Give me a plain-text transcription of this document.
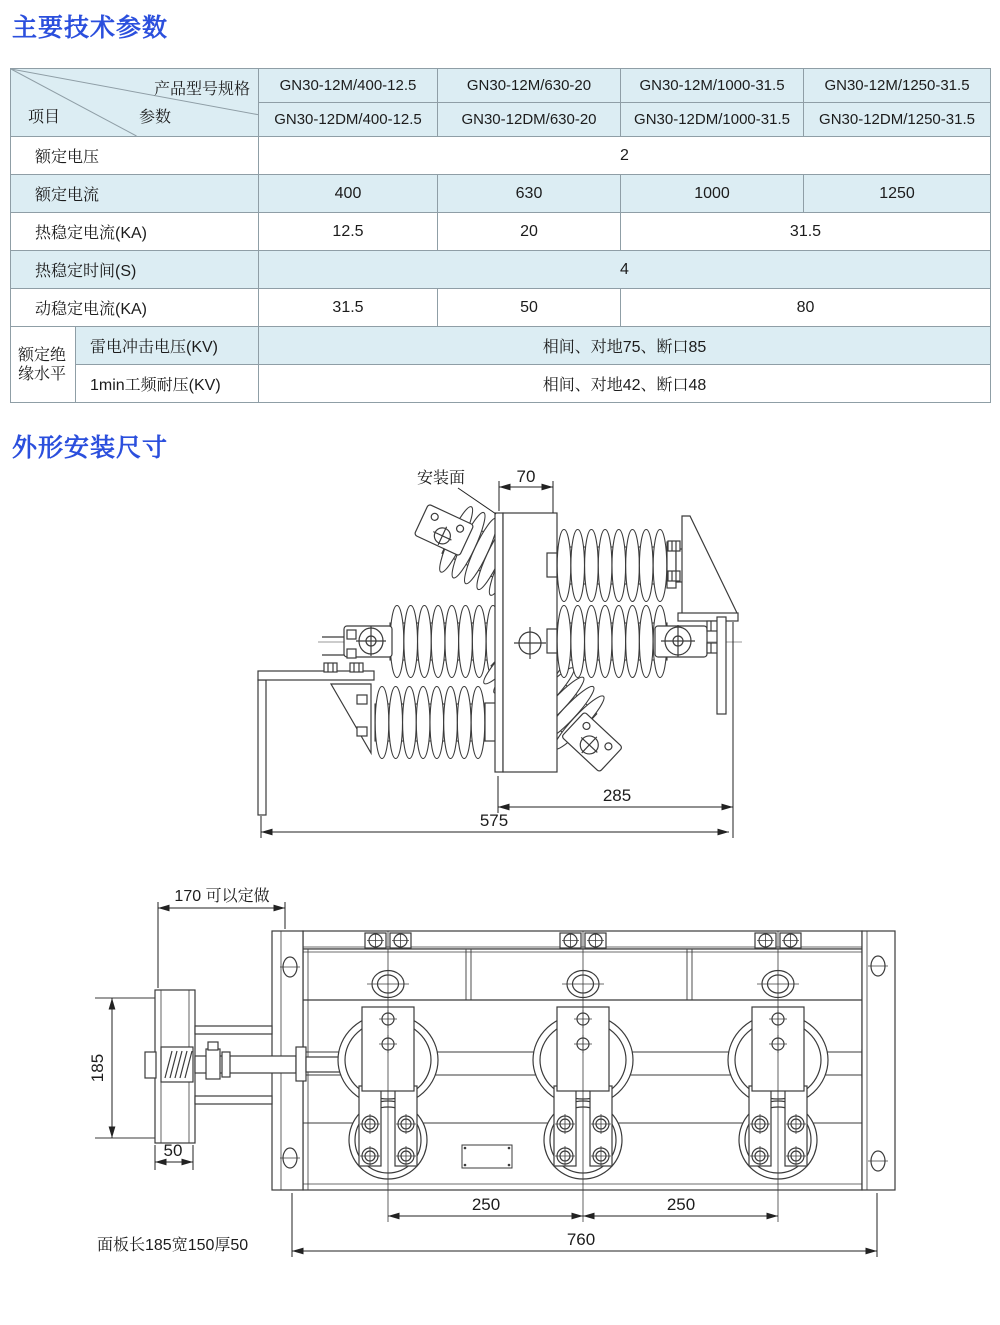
主要技术参数
产品型号规格
参数
项目		GN30-12M/400-12.5	GN30-12M/630-20	GN30-12M/1000-31.5	GN30-12M/1250-31.5
		GN30-12DM/400-12.5	GN30-12DM/630-20	GN30-12DM/1000-31.5	GN30-12DM/1250-31.5
额定电压		2			
额定电流		400	630	1000	1250
热稳定电流(KA)		12.5	20	31.5	
热稳定时间(S)		4			
动稳定电流(KA)		31.5	50	80	
额定绝缘水平	雷电冲击电压(KV)	相间、对地75、断口85			
	1min工频耐压(KV)	相间、对地42、断口48			
外形安装尺寸
安装面	70
285
575
170 可以定做
185
50
250	250
760
面板长185宽150厚50
